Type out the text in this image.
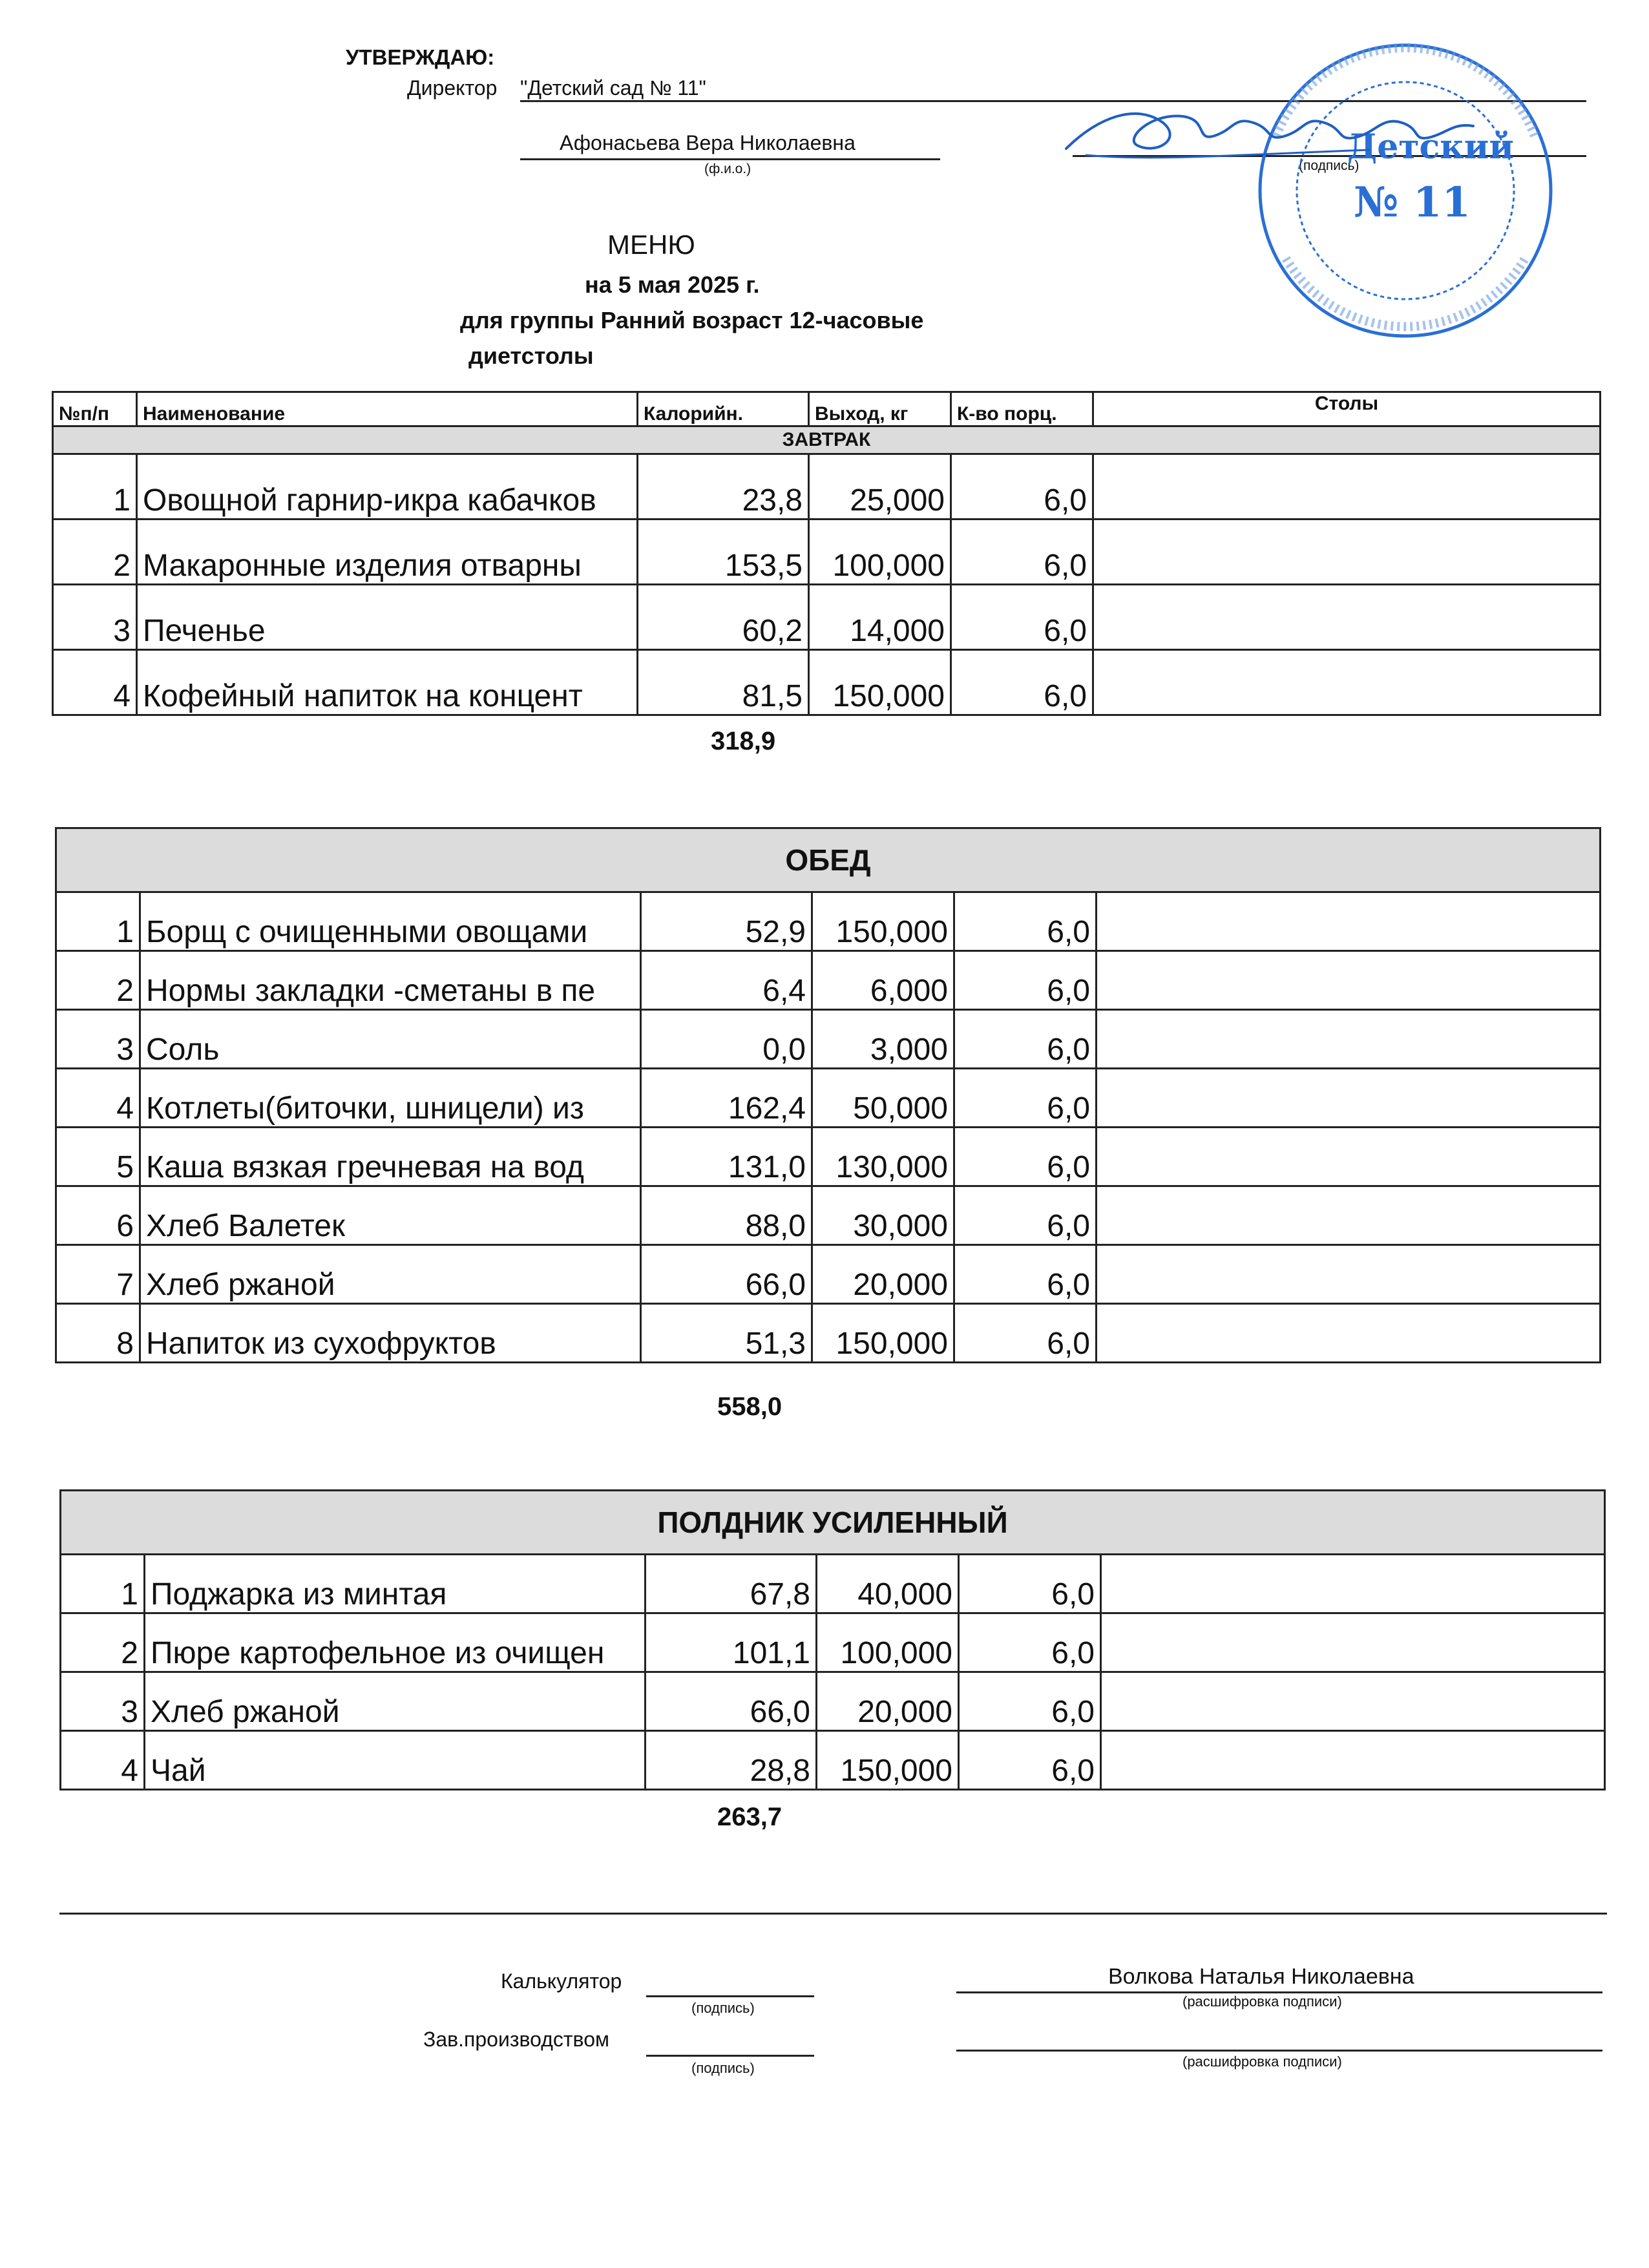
УТВЕРЖДАЮ:
Директор "Детский сад № 11"
Афонасьева Вера Николаевна
(ф.и.о.)	(подпись)
Детский
№ 11
МЕНЮ
на 5 мая 2025 г.
для группы Ранний возраст 12-часовые
диетстолы
№п/п	Наименование	Калорийн.	Выход, кг	К-во порц.	Столы
ЗАВТРАК					
1	Овощной гарнир-икра кабачков	23,8	25,000	6,0	
2	Макаронные изделия отварны	153,5	100,000	6,0	
3	Печенье	60,2	14,000	6,0	
4	Кофейный напиток на концент	81,5	150,000	6,0	
318,9
ОБЕД					
1	Борщ с очищенными овощами	52,9	150,000	6,0	
2	Нормы закладки -сметаны в пе	6,4	6,000	6,0	
3	Соль	0,0	3,000	6,0	
4	Котлеты(биточки, шницели) из	162,4	50,000	6,0	
5	Каша вязкая гречневая на вод	131,0	130,000	6,0	
6	Хлеб Валетек	88,0	30,000	6,0	
7	Хлеб ржаной	66,0	20,000	6,0	
8	Напиток из сухофруктов	51,3	150,000	6,0	
558,0
ПОЛДНИК УСИЛЕННЫЙ					
1	Поджарка из минтая	67,8	40,000	6,0	
2	Пюре картофельное из очищен	101,1	100,000	6,0	
3	Хлеб ржаной	66,0	20,000	6,0	
4	Чай	28,8	150,000	6,0	
263,7
Калькулятор
(подпись)
Волкова Наталья Николаевна
(расшифровка подписи)
Зав.производством
(подпись)	(расшифровка подписи)
